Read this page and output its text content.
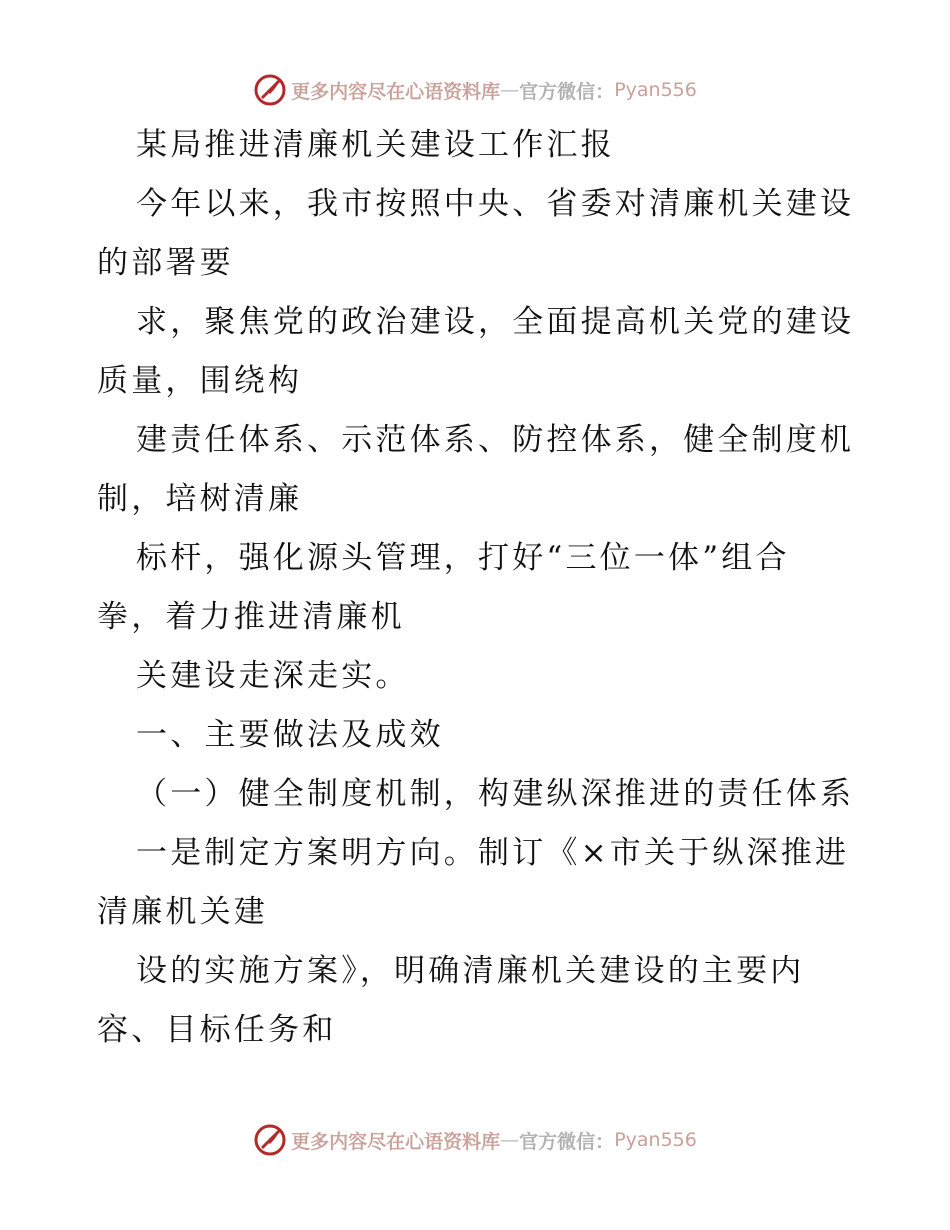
更多内容尽在心语资料库 — 官方微信： Pyan556
某局推进清廉机关建设工作汇报
今年以来，我市按照中央、省委对清廉机关建设
的部署要
求，聚焦党的政治建设，全面提高机关党的建设
质量，围绕构
建责任体系、示范体系、防控体系，健全制度机
制，培树清廉
标杆，强化源头管理，打好“三位一体”组合
拳，着力推进清廉机
关建设走深走实。
一、主要做法及成效
（一）健全制度机制，构建纵深推进的责任体系
一是制定方案明方向。制订《×市关于纵深推进
清廉机关建
设的实施方案》，明确清廉机关建设的主要内
容、目标任务和
更多内容尽在心语资料库 — 官方微信： Pyan556
